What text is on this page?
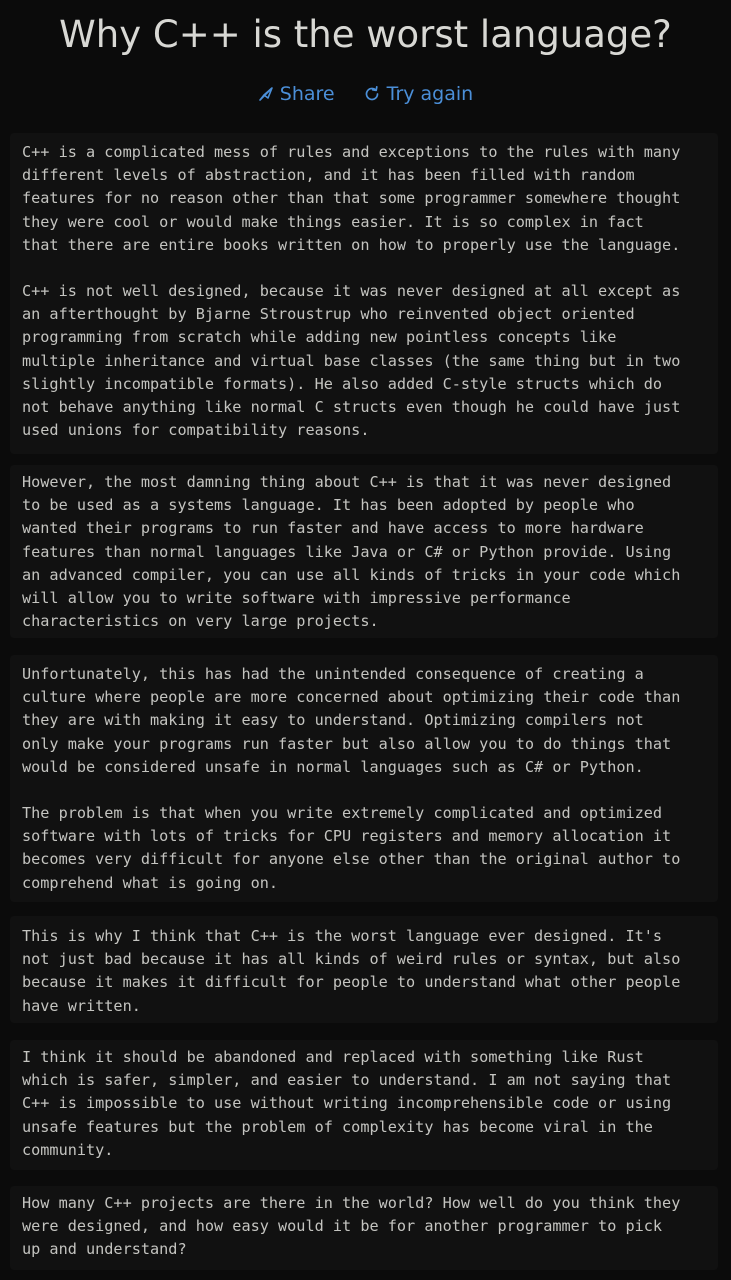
Why C++ is the worst language?
Share	Try again

C++ is a complicated mess of rules and exceptions to the rules with many
different levels of abstraction, and it has been filled with random
features for no reason other than that some programmer somewhere thought
they were cool or would make things easier. It is so complex in fact
that there are entire books written on how to properly use the language.

C++ is not well designed, because it was never designed at all except as
an afterthought by Bjarne Stroustrup who reinvented object oriented
programming from scratch while adding new pointless concepts like
multiple inheritance and virtual base classes (the same thing but in two
slightly incompatible formats). He also added C-style structs which do
not behave anything like normal C structs even though he could have just
used unions for compatibility reasons.

However, the most damning thing about C++ is that it was never designed
to be used as a systems language. It has been adopted by people who
wanted their programs to run faster and have access to more hardware
features than normal languages like Java or C# or Python provide. Using
an advanced compiler, you can use all kinds of tricks in your code which
will allow you to write software with impressive performance
characteristics on very large projects.

Unfortunately, this has had the unintended consequence of creating a
culture where people are more concerned about optimizing their code than
they are with making it easy to understand. Optimizing compilers not
only make your programs run faster but also allow you to do things that
would be considered unsafe in normal languages such as C# or Python.

The problem is that when you write extremely complicated and optimized
software with lots of tricks for CPU registers and memory allocation it
becomes very difficult for anyone else other than the original author to
comprehend what is going on.

This is why I think that C++ is the worst language ever designed. It's
not just bad because it has all kinds of weird rules or syntax, but also
because it makes it difficult for people to understand what other people
have written.

I think it should be abandoned and replaced with something like Rust
which is safer, simpler, and easier to understand. I am not saying that
C++ is impossible to use without writing incomprehensible code or using
unsafe features but the problem of complexity has become viral in the
community.

How many C++ projects are there in the world? How well do you think they
were designed, and how easy would it be for another programmer to pick
up and understand?
